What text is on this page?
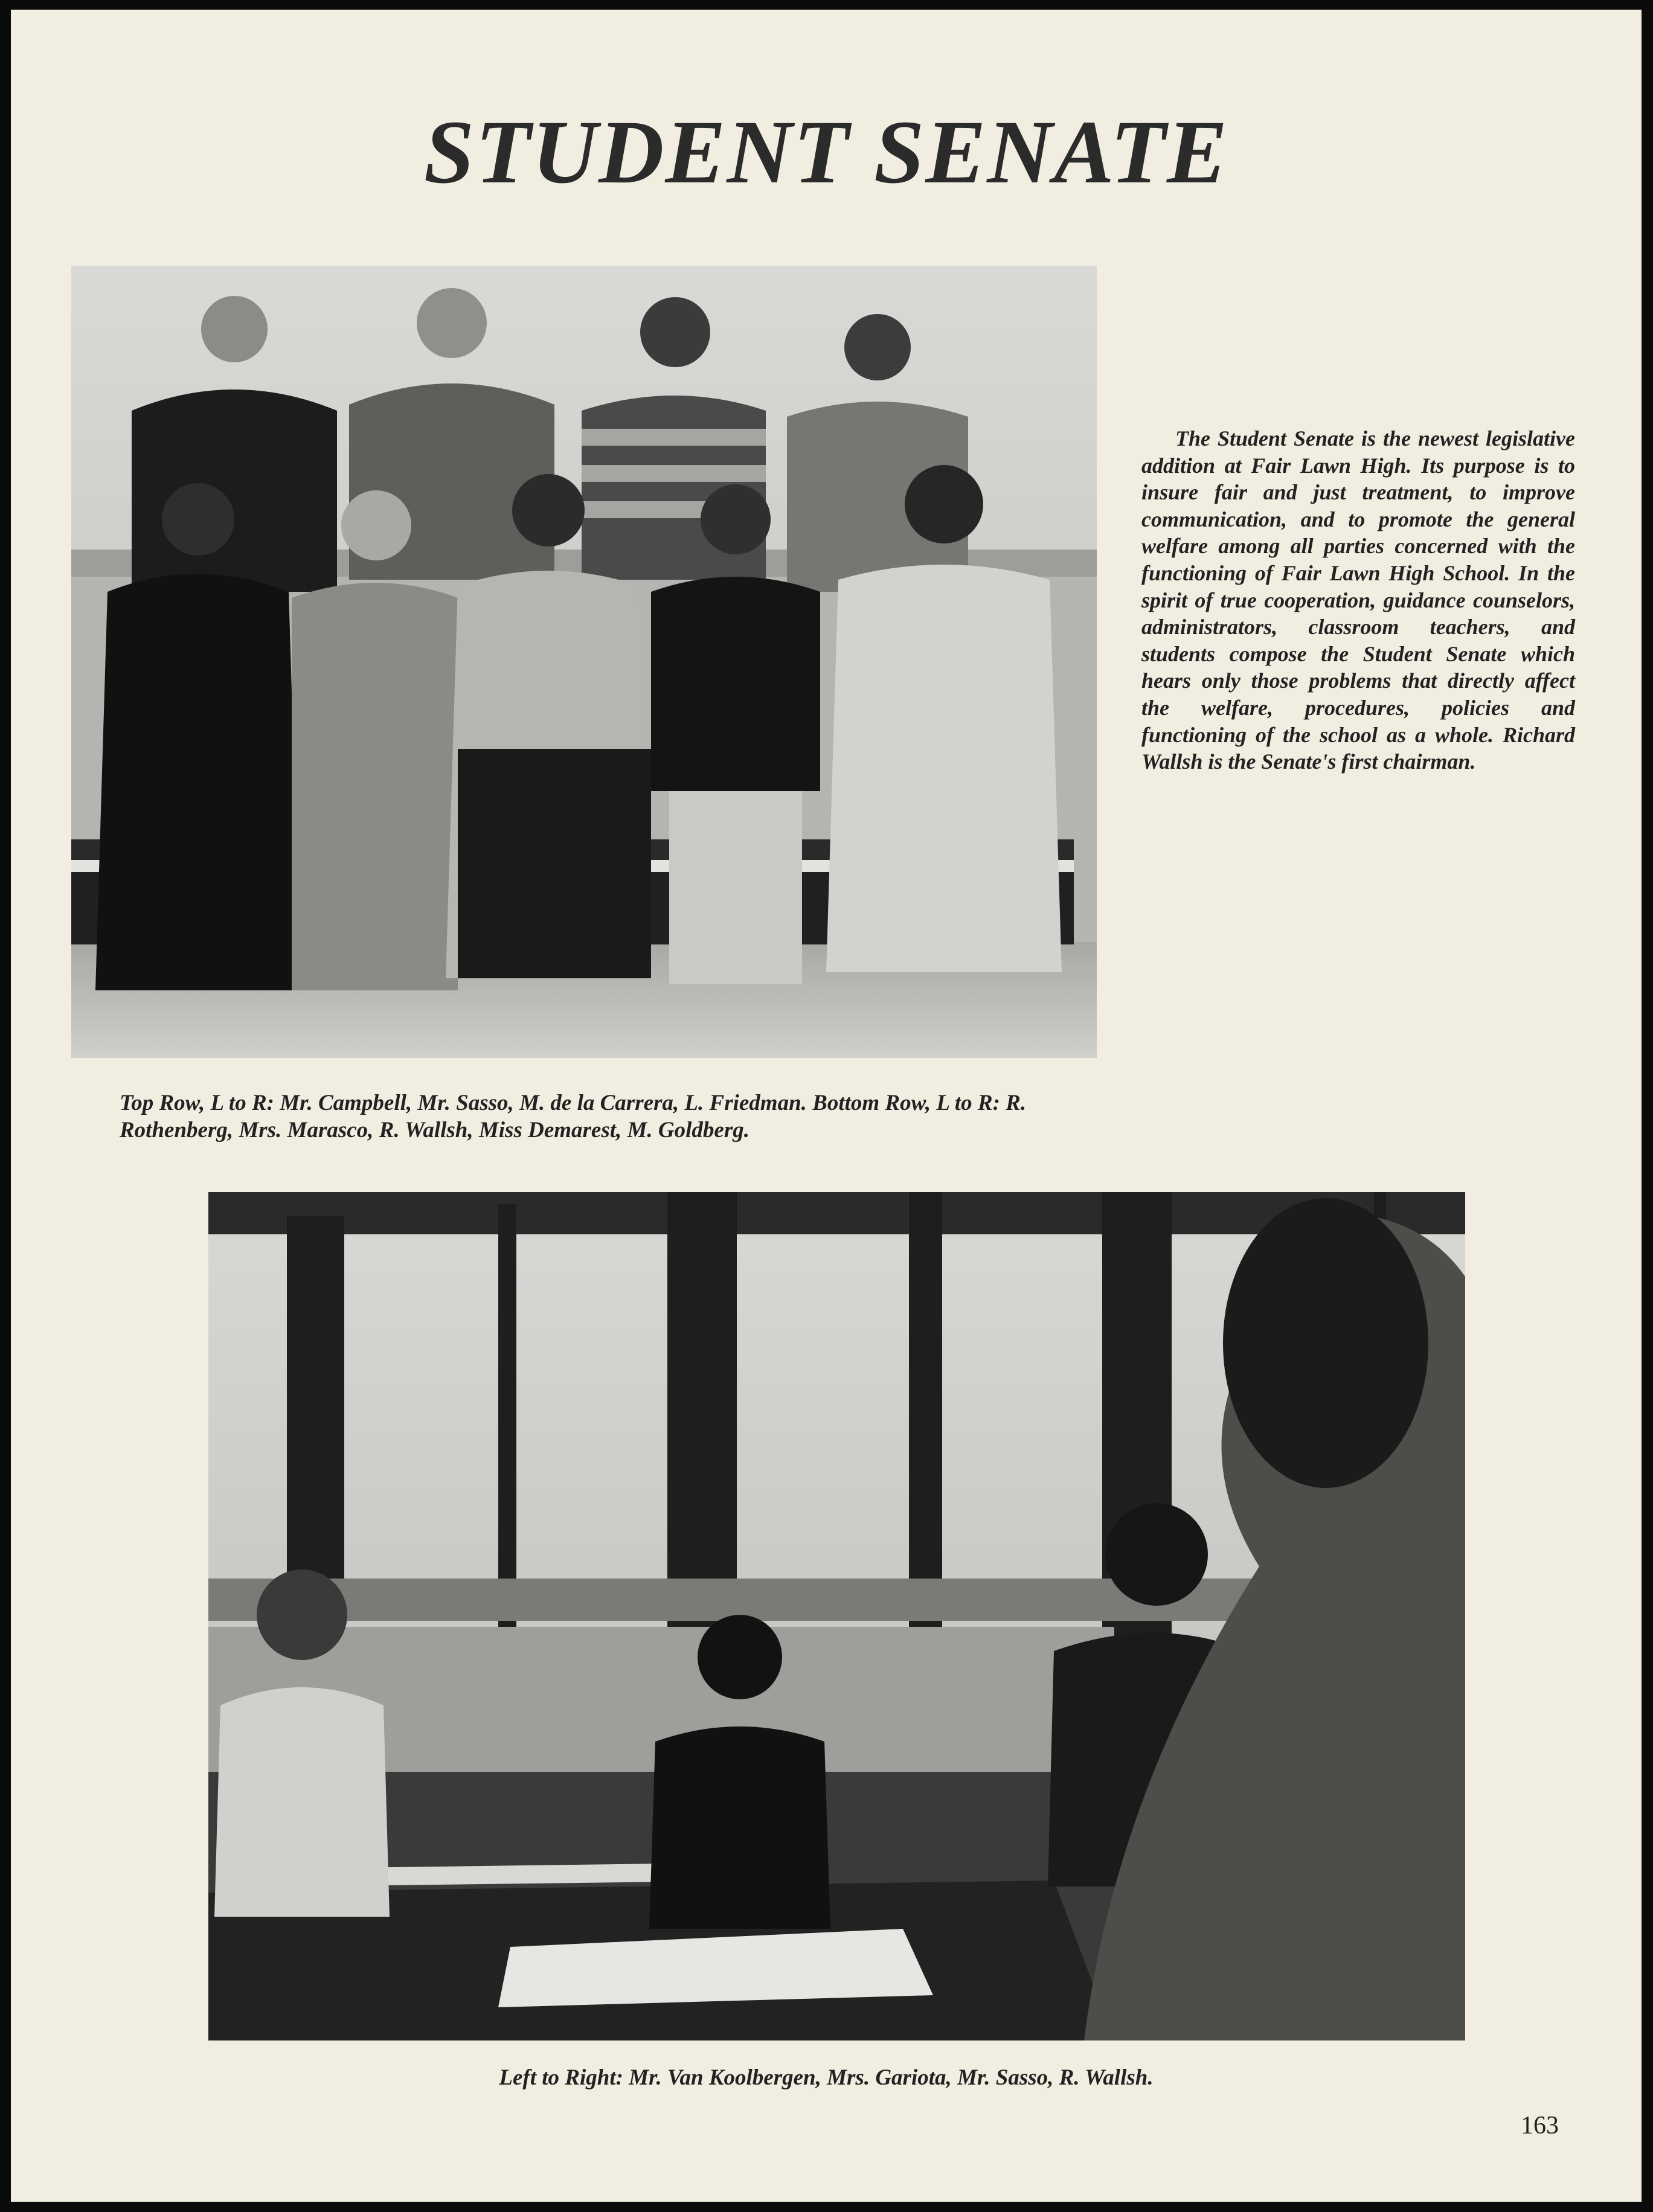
STUDENT SENATE

The Student Senate is the newest legislative addition at Fair Lawn High. Its purpose is to insure fair and just treatment, to improve communication, and to promote the general welfare among all parties concerned with the functioning of Fair Lawn High School. In the spirit of true cooperation, guidance counselors, administrators, classroom teachers, and students compose the Student Senate which hears only those problems that directly affect the welfare, procedures, policies and functioning of the school as a whole. Richard Wallsh is the Senate's first chairman.

Top Row, L to R: Mr. Campbell, Mr. Sasso, M. de la Carrera, L. Friedman. Bottom Row, L to R: R. Rothenberg, Mrs. Marasco, R. Wallsh, Miss Demarest, M. Goldberg.

Left to Right: Mr. Van Koolbergen, Mrs. Gariota, Mr. Sasso, R. Wallsh.

163
